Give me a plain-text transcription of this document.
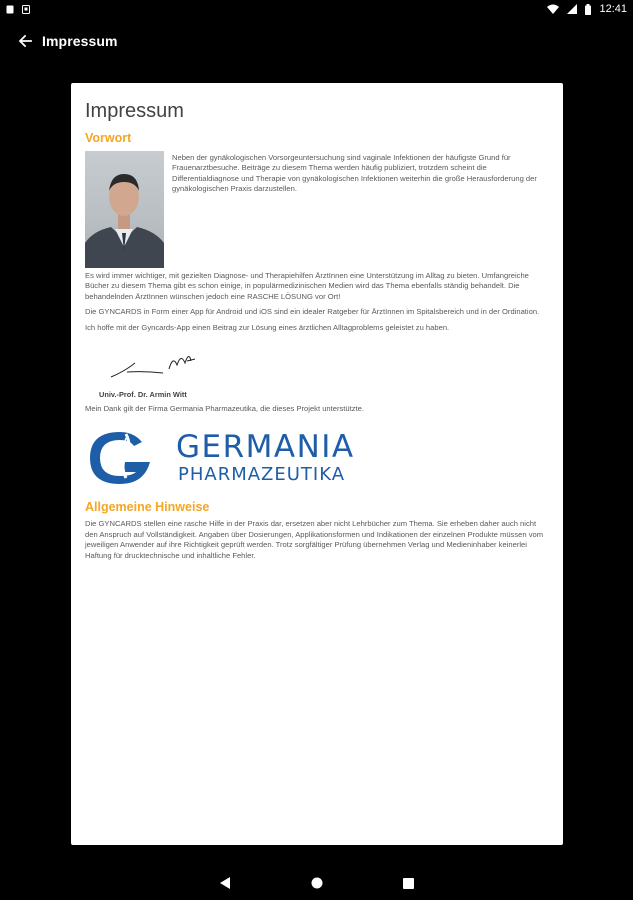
12:41
Impressum
Impressum
Vorwort

Neben der gynäkologischen Vorsorgeuntersuchung sind vaginale Infektionen der häufigste Grund für Frauenarztbesuche. Beiträge zu diesem Thema werden häufig publiziert, trotzdem scheint die Differentialdiagnose und Therapie von gynäkologischen Infektionen weiterhin die große Herausforderung der gynäkologischen Praxis darzustellen.

Es wird immer wichtiger, mit gezielten Diagnose- und Therapiehilfen ÄrztInnen eine Unterstützung im Alltag zu bieten. Umfangreiche Bücher zu diesem Thema gibt es schon einige, in populärmedizinischen Medien wird das Thema ebenfalls ständig behandelt. Die behandelnden ÄrztInnen wünschen jedoch eine RASCHE LÖSUNG vor Ort!

Die GYNCARDS in Form einer App für Android und iOS sind ein idealer Ratgeber für ÄrztInnen im Spitalsbereich und in der Ordination.

Ich hoffe mit der Gyncards-App einen Beitrag zur Lösung eines ärztlichen Alltagproblems geleistet zu haben.

Univ.-Prof. Dr. Armin Witt

Mein Dank gilt der Firma Germania Pharmazeutika, die dieses Projekt unterstützte.

GERMANIA
PHARMAZEUTIKA
Allgemeine Hinweise

Die GYNCARDS stellen eine rasche Hilfe in der Praxis dar, ersetzen aber nicht Lehrbücher zum Thema. Sie erheben daher auch nicht den Anspruch auf Vollständigkeit. Angaben über Dosierungen, Applikationsformen und Indikationen der einzelnen Produkte müssen vom jeweiligen Anwender auf ihre Richtigkeit geprüft werden. Trotz sorgfältiger Prüfung übernehmen Verlag und Medieninhaber keinerlei Haftung für drucktechnische und inhaltliche Fehler.
